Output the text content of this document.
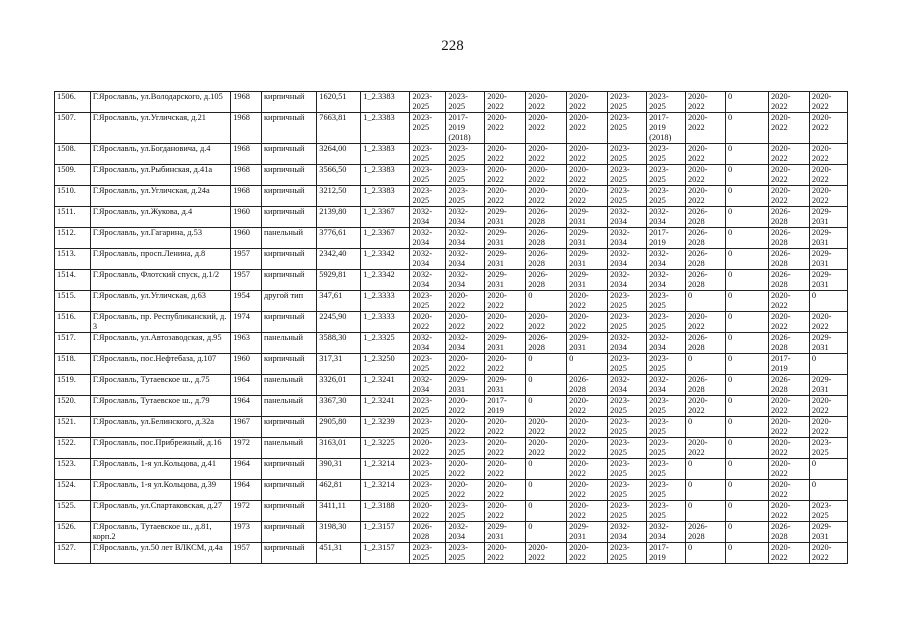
228
1506.	Г.Ярославль, ул.Володарского, д.105	1968	кирпичный	1620,51	1_2.3383	2023-2025	2023-2025	2020-2022	2020-2022	2020-2022	2023-2025	2023-2025	2020-2022	0	2020-2022	2020-2022
1507.	Г.Ярославль, ул.Угличская, д.21	1968	кирпичный	7663,81	1_2.3383	2023-2025	2017-2019 (2018)	2020-2022	2020-2022	2020-2022	2023-2025	2017-2019 (2018)	2020-2022	0	2020-2022	2020-2022
1508.	Г.Ярославль, ул.Богдановича, д.4	1968	кирпичный	3264,00	1_2.3383	2023-2025	2023-2025	2020-2022	2020-2022	2020-2022	2023-2025	2023-2025	2020-2022	0	2020-2022	2020-2022
1509.	Г.Ярославль, ул.Рыбинская, д.41а	1968	кирпичный	3566,50	1_2.3383	2023-2025	2023-2025	2020-2022	2020-2022	2020-2022	2023-2025	2023-2025	2020-2022	0	2020-2022	2020-2022
1510.	Г.Ярославль, ул.Угличская, д.24а	1968	кирпичный	3212,50	1_2.3383	2023-2025	2023-2025	2020-2022	2020-2022	2020-2022	2023-2025	2023-2025	2020-2022	0	2020-2022	2020-2022
1511.	Г.Ярославль, ул.Жукова, д.4	1960	кирпичный	2139,80	1_2.3367	2032-2034	2032-2034	2029-2031	2026-2028	2029-2031	2032-2034	2032-2034	2026-2028	0	2026-2028	2029-2031
1512.	Г.Ярославль, ул.Гагарина, д.53	1960	панельный	3776,61	1_2.3367	2032-2034	2032-2034	2029-2031	2026-2028	2029-2031	2032-2034	2017-2019	2026-2028	0	2026-2028	2029-2031
1513.	Г.Ярославль, просп.Ленина, д.8	1957	кирпичный	2342,40	1_2.3342	2032-2034	2032-2034	2029-2031	2026-2028	2029-2031	2032-2034	2032-2034	2026-2028	0	2026-2028	2029-2031
1514.	Г.Ярославль, Флотский спуск, д.1/2	1957	кирпичный	5929,81	1_2.3342	2032-2034	2032-2034	2029-2031	2026-2028	2029-2031	2032-2034	2032-2034	2026-2028	0	2026-2028	2029-2031
1515.	Г.Ярославль, ул.Угличская, д.63	1954	другой тип	347,61	1_2.3333	2023-2025	2020-2022	2020-2022	0	2020-2022	2023-2025	2023-2025	0	0	2020-2022	0
1516.	Г.Ярославль, пр. Республиканский, д. 3	1974	кирпичный	2245,90	1_2.3333	2020-2022	2020-2022	2020-2022	2020-2022	2020-2022	2023-2025	2023-2025	2020-2022	0	2020-2022	2020-2022
1517.	Г.Ярославль, ул.Автозаводская, д.95	1963	панельный	3588,30	1_2.3325	2032-2034	2032-2034	2029-2031	2026-2028	2029-2031	2032-2034	2032-2034	2026-2028	0	2026-2028	2029-2031
1518.	Г.Ярославль, пос.Нефтебаза, д.107	1960	кирпичный	317,31	1_2.3250	2023-2025	2020-2022	2020-2022	0	0	2023-2025	2023-2025	0	0	2017-2019	0
1519.	Г.Ярославль, Тутаевское ш., д.75	1964	панельный	3326,01	1_2.3241	2032-2034	2029-2031	2029-2031	0	2026-2028	2032-2034	2032-2034	2026-2028	0	2026-2028	2029-2031
1520.	Г.Ярославль, Тутаевское ш., д.79	1964	панельный	3367,30	1_2.3241	2023-2025	2020-2022	2017-2019	0	2020-2022	2023-2025	2023-2025	2020-2022	0	2020-2022	2020-2022
1521.	Г.Ярославль, ул.Белинского, д.32а	1967	кирпичный	2905,80	1_2.3239	2023-2025	2020-2022	2020-2022	2020-2022	2020-2022	2023-2025	2023-2025	0	0	2020-2022	2020-2022
1522.	Г.Ярославль, пос.Прибрежный, д.16	1972	панельный	3163,01	1_2.3225	2020-2022	2023-2025	2020-2022	2020-2022	2020-2022	2023-2025	2023-2025	2020-2022	0	2020-2022	2023-2025
1523.	Г.Ярославль, 1-я ул.Кольцова, д.41	1964	кирпичный	390,31	1_2.3214	2023-2025	2020-2022	2020-2022	0	2020-2022	2023-2025	2023-2025	0	0	2020-2022	0
1524.	Г.Ярославль, 1-я ул.Кольцова, д.39	1964	кирпичный	462,81	1_2.3214	2023-2025	2020-2022	2020-2022	0	2020-2022	2023-2025	2023-2025	0	0	2020-2022	0
1525.	Г.Ярославль, ул.Спартаковская, д.27	1972	кирпичный	3411,11	1_2.3188	2020-2022	2023-2025	2020-2022	0	2020-2022	2023-2025	2023-2025	0	0	2020-2022	2023-2025
1526.	Г.Ярославль, Тутаевское ш., д.81, корп.2	1973	кирпичный	3198,30	1_2.3157	2026-2028	2032-2034	2029-2031	0	2029-2031	2032-2034	2032-2034	2026-2028	0	2026-2028	2029-2031
1527.	Г.Ярославль, ул.50 лет ВЛКСМ, д.4а	1957	кирпичный	451,31	1_2.3157	2023-2025	2023-2025	2020-2022	2020-2022	2020-2022	2023-2025	2017-2019	0	0	2020-2022	2020-2022
